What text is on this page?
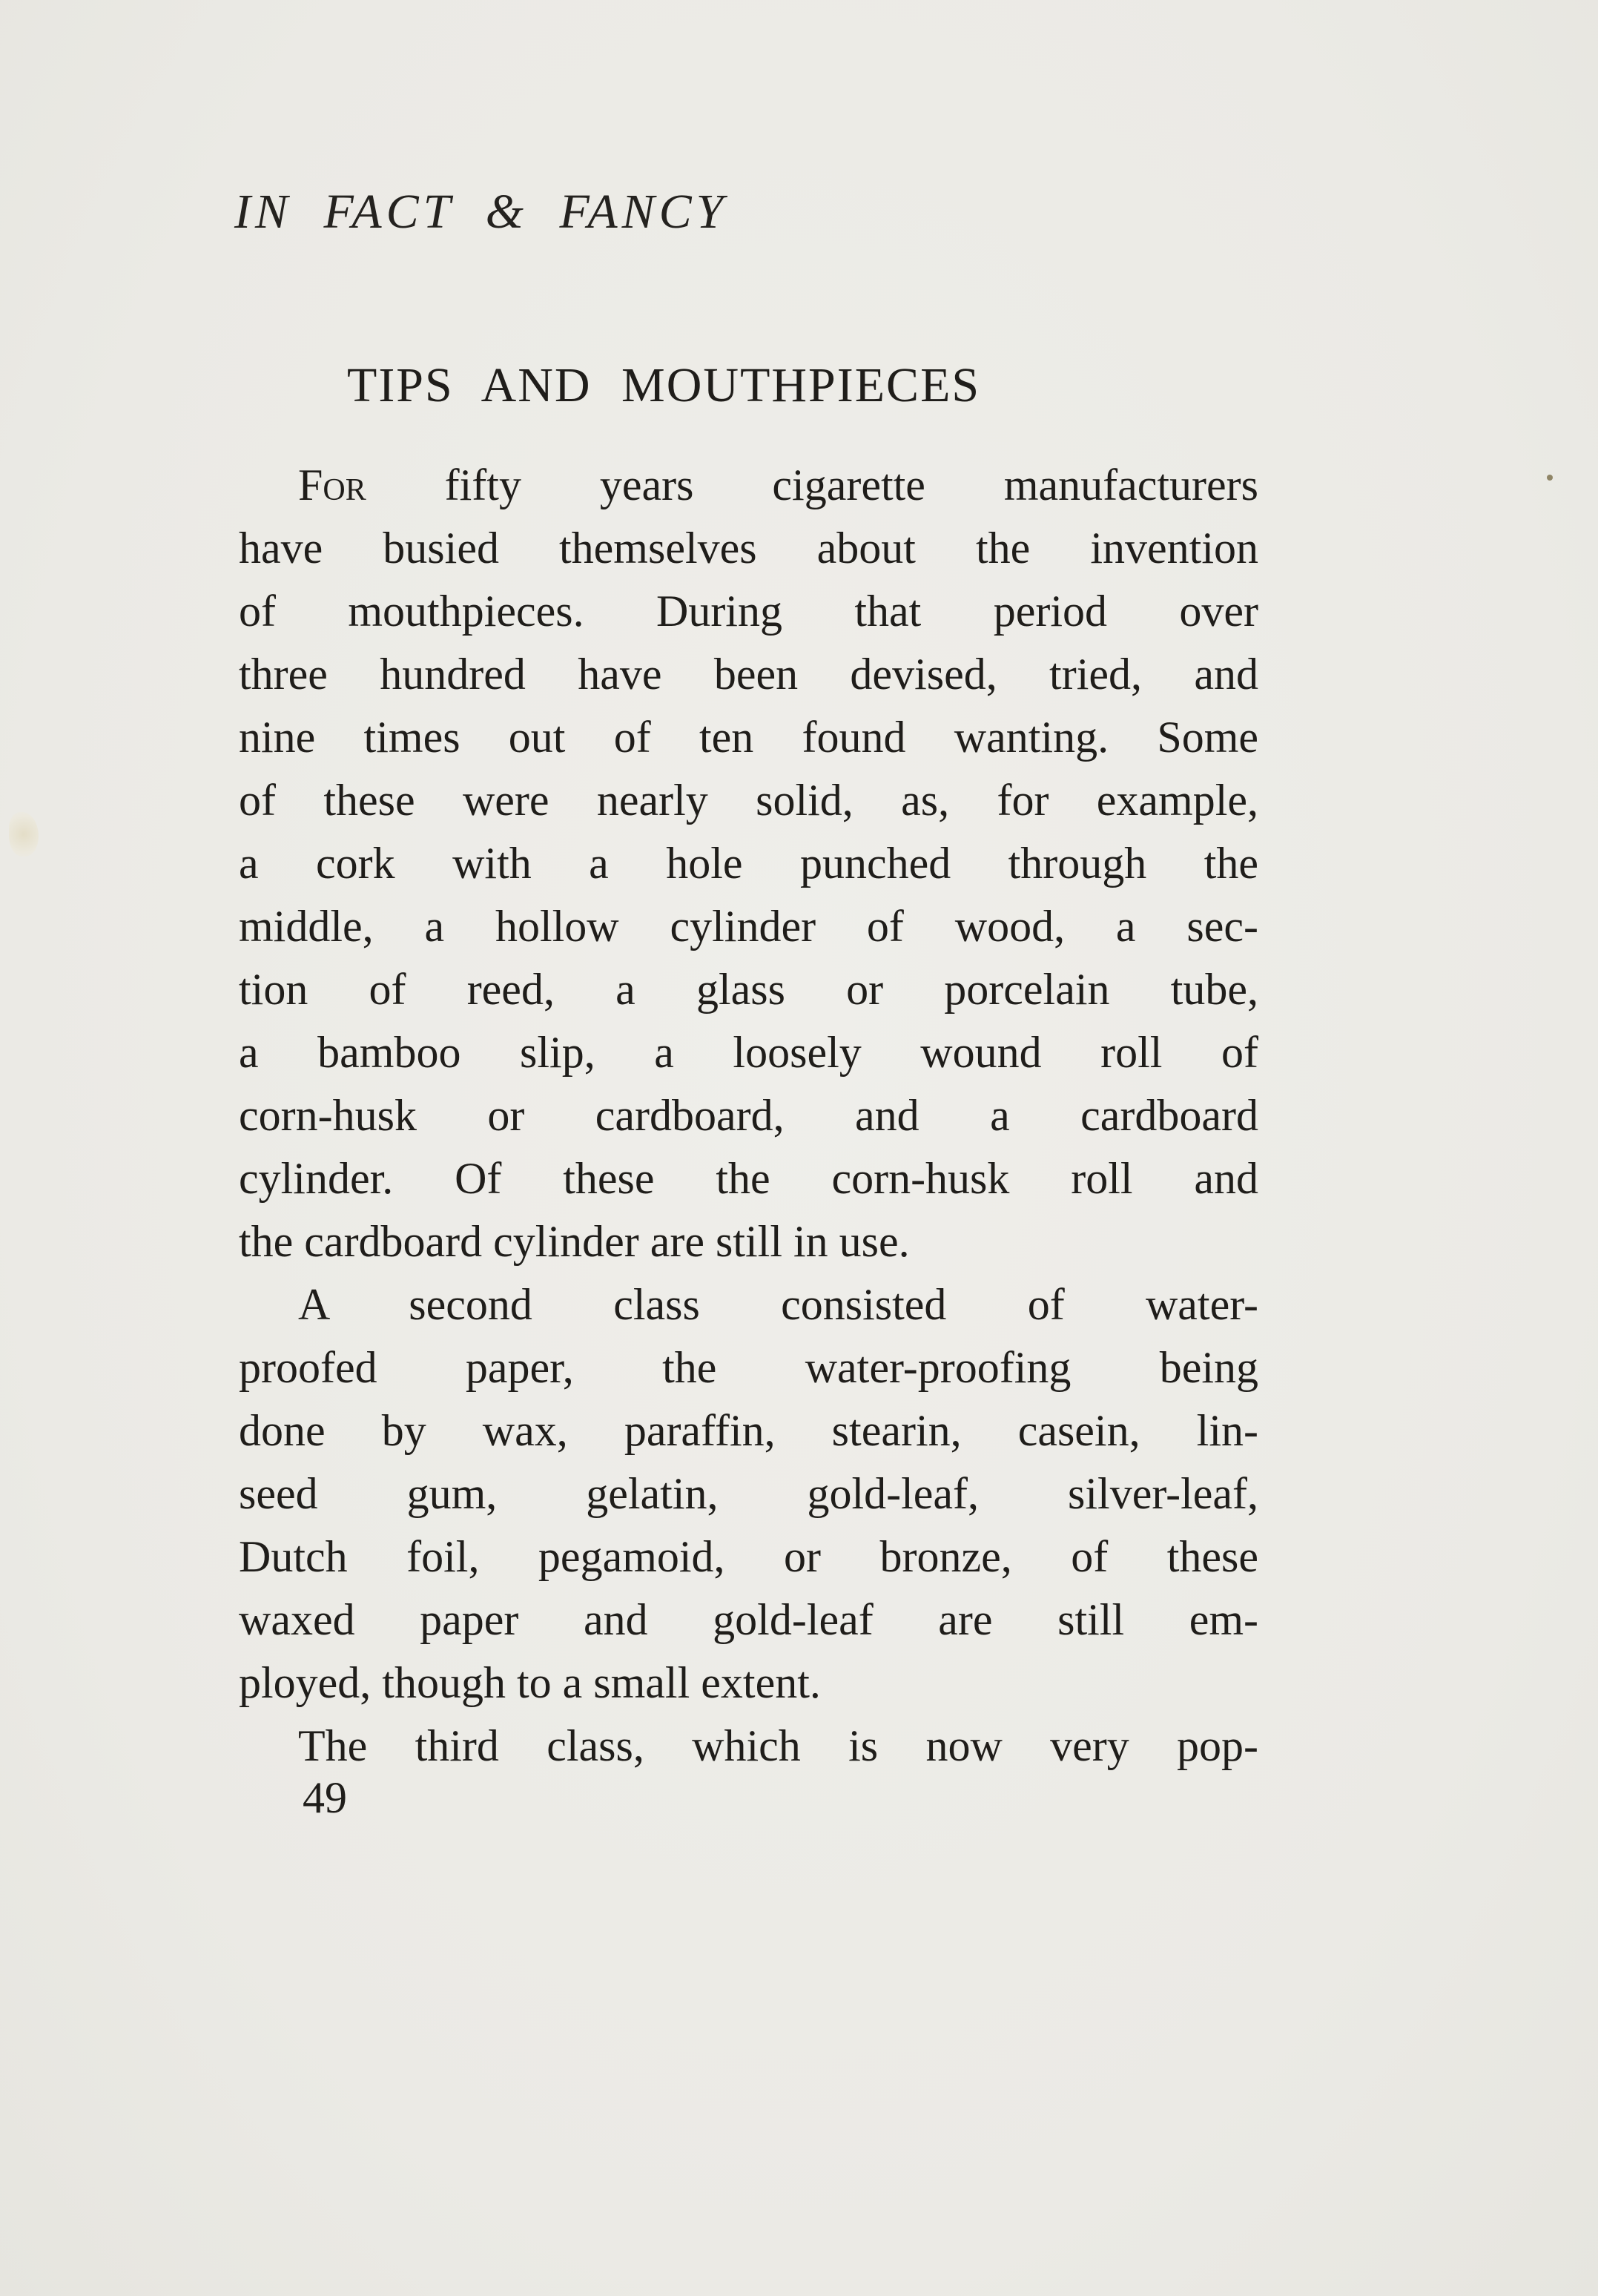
IN FACT & FANCY
TIPS AND MOUTHPIECES
For fifty years cigarette manufacturers
have busied themselves about the invention
of mouthpieces. During that period over
three hundred have been devised, tried, and
nine times out of ten found wanting. Some
of these were nearly solid, as, for example,
a cork with a hole punched through the
middle, a hollow cylinder of wood, a sec-
tion of reed, a glass or porcelain tube,
a bamboo slip, a loosely wound roll of
corn-husk or cardboard, and a cardboard
cylinder. Of these the corn-husk roll and
the cardboard cylinder are still in use.
A second class consisted of water-
proofed paper, the water-proofing being
done by wax, paraffin, stearin, casein, lin-
seed gum, gelatin, gold-leaf, silver-leaf,
Dutch foil, pegamoid, or bronze, of these
waxed paper and gold-leaf are still em-
ployed, though to a small extent.
The third class, which is now very pop-
49
